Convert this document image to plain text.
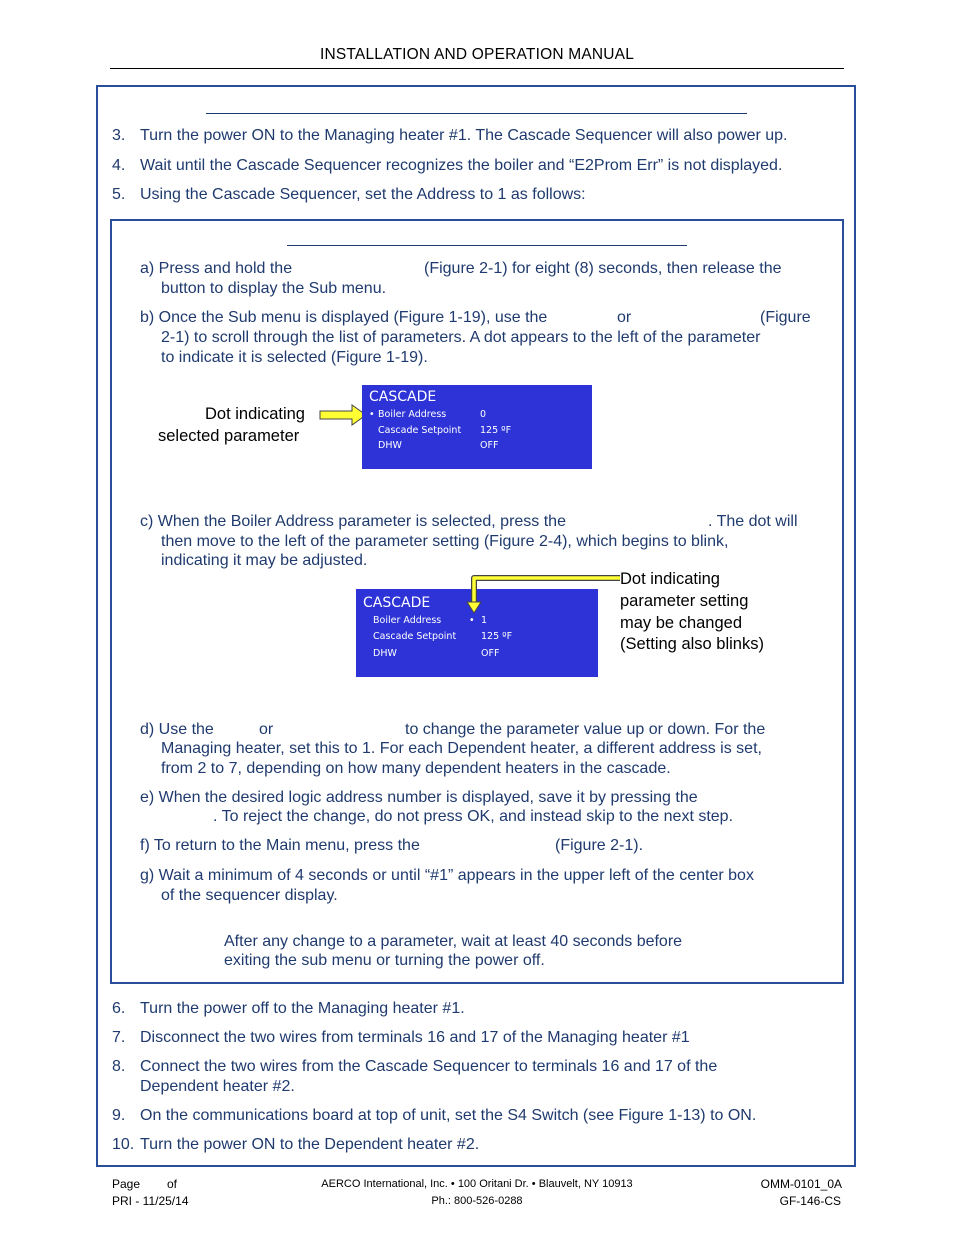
INSTALLATION AND OPERATION MANUAL
3. Turn the power ON to the Managing heater #1. The Cascade Sequencer will also power up.
4. Wait until the Cascade Sequencer recognizes the boiler and “E2Prom Err” is not displayed.
5. Using the Cascade Sequencer, set the Address to 1 as follows:
a) Press and hold the	(Figure 2-1) for eight (8) seconds, then release the
button to display the Sub menu.
b) Once the Sub menu is displayed (Figure 1-19), use the	or	(Figure
2-1) to scroll through the list of parameters. A dot appears to the left of the parameter
to indicate it is selected (Figure 1-19).
Dot indicating
selected parameter
CASCADE
• Boiler Address	0
Cascade Setpoint 125 ºF
DHW	OFF
c) When the Boiler Address parameter is selected, press the	. The dot will
then move to the left of the parameter setting (Figure 2-4), which begins to blink,
indicating it may be adjusted.
CASCADE
Boiler Address	• 1
Cascade Setpoint	125 ºF
DHW	OFF
Dot indicating
parameter setting
may be changed
(Setting also blinks)
d) Use the	or	to change the parameter value up or down. For the
Managing heater, set this to 1. For each Dependent heater, a different address is set,
from 2 to 7, depending on how many dependent heaters in the cascade.
e) When the desired logic address number is displayed, save it by pressing the
. To reject the change, do not press OK, and instead skip to the next step.
f) To return to the Main menu, press the	(Figure 2-1).
g) Wait a minimum of 4 seconds or until “#1” appears in the upper left of the center box
of the sequencer display.
After any change to a parameter, wait at least 40 seconds before
exiting the sub menu or turning the power off.
6. Turn the power off to the Managing heater #1.
7. Disconnect the two wires from terminals 16 and 17 of the Managing heater #1
8. Connect the two wires from the Cascade Sequencer to terminals 16 and 17 of the
Dependent heater #2.
9. On the communications board at top of unit, set the S4 Switch (see Figure 1-13) to ON.
10. Turn the power ON to the Dependent heater #2.
Page of
PRI - 11/25/14
AERCO International, Inc. • 100 Oritani Dr. • Blauvelt, NY 10913
Ph.: 800-526-0288
OMM-0101_0A
GF-146-CS
